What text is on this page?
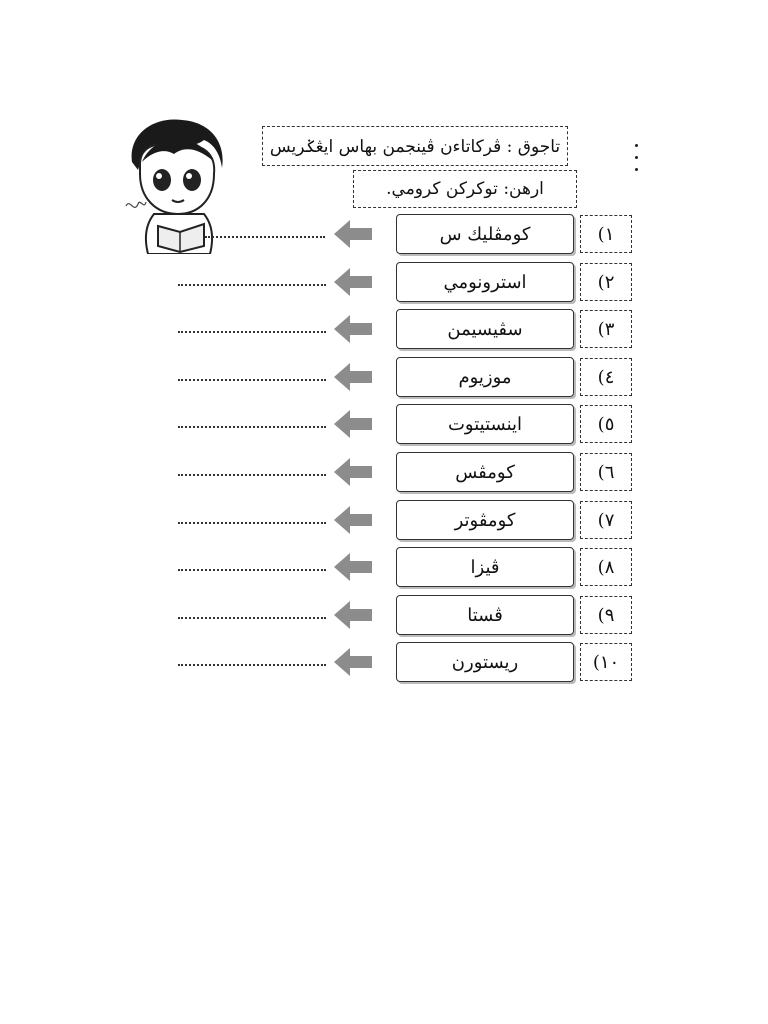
تاجوق : ڤركاتاءن ڤينجمن بهاس ايڠݢريس
ارهن: توکرکن کرومي.
١)
کومڤليك س
٢)
استرونومي
٣)
سڤيسيمن
٤)
موزيوم
٥)
اينستيتوت
٦)
کومڤس
٧)
کومڤوتر
٨)
ڤيزا
٩)
ڤستا
١٠)
ريستورن
